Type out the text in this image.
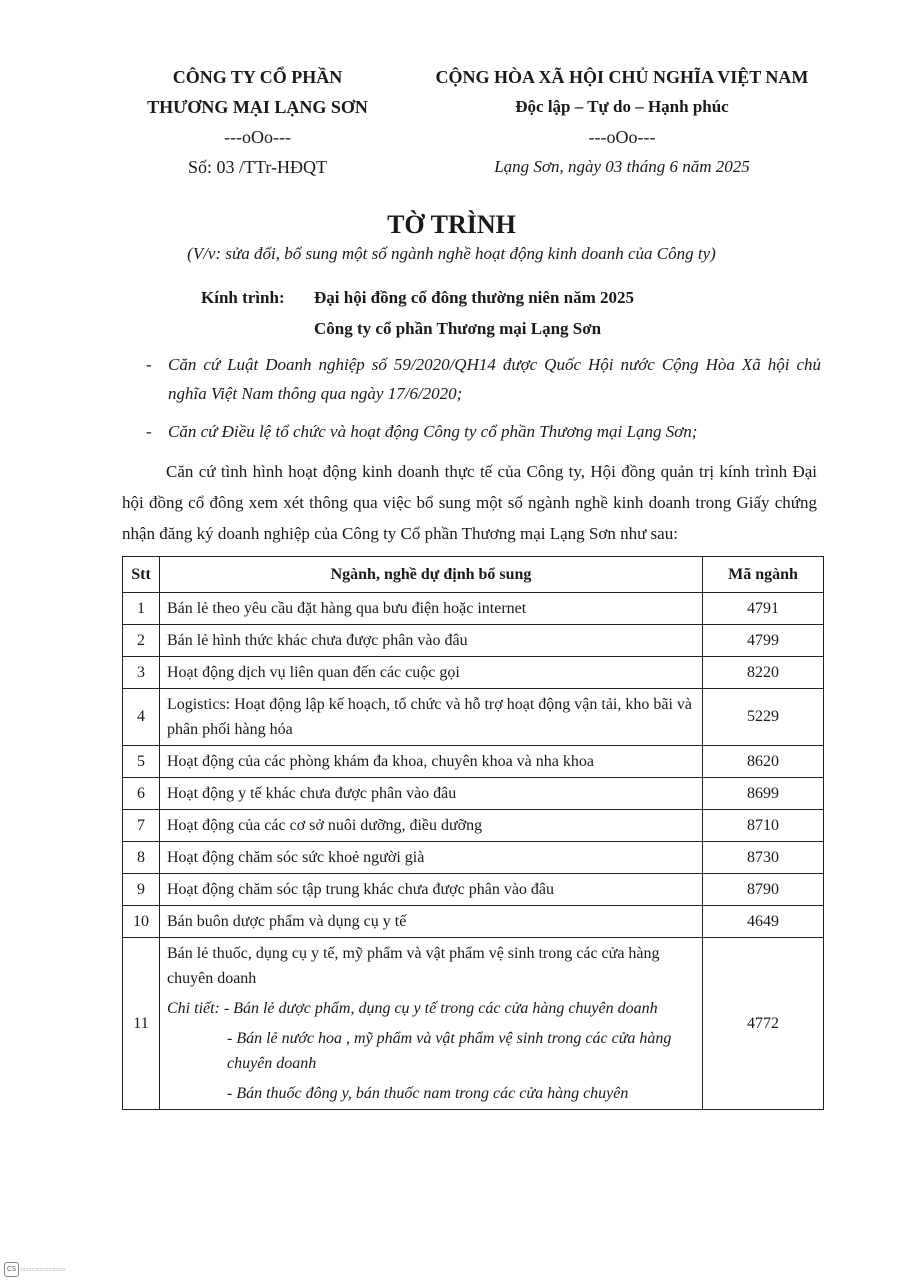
CÔNG TY CỔ PHẦN
THƯƠNG MẠI LẠNG SƠN
---oOo---
Số: 03 /TTr-HĐQT
CỘNG HÒA XÃ HỘI CHỦ NGHĨA VIỆT NAM
Độc lập – Tự do – Hạnh phúc
---oOo---
Lạng Sơn, ngày 03 tháng 6 năm 2025
TỜ TRÌNH
(V/v: sửa đổi, bổ sung một số ngành nghề hoạt động kinh doanh của Công ty)
Kính trình: Đại hội đồng cổ đông thường niên năm 2025
Công ty cổ phần Thương mại Lạng Sơn
- Căn cứ Luật Doanh nghiệp số 59/2020/QH14 được Quốc Hội nước Cộng Hòa Xã hội chủ nghĩa Việt Nam thông qua ngày 17/6/2020;
- Căn cứ Điều lệ tổ chức và hoạt động Công ty cổ phần Thương mại Lạng Sơn;
Căn cứ tình hình hoạt động kinh doanh thực tế của Công ty, Hội đồng quản trị kính trình Đại hội đồng cổ đông xem xét thông qua việc bổ sung một số ngành nghề kinh doanh trong Giấy chứng nhận đăng ký doanh nghiệp của Công ty Cổ phần Thương mại Lạng Sơn như sau:
Stt	Ngành, nghề dự định bổ sung	Mã ngành
1	Bán lẻ theo yêu cầu đặt hàng qua bưu điện hoặc internet	4791
2	Bán lẻ hình thức khác chưa được phân vào đâu	4799
3	Hoạt động dịch vụ liên quan đến các cuộc gọi	8220
4	Logistics: Hoạt động lập kế hoạch, tổ chức và hỗ trợ hoạt động vận tải, kho bãi và phân phối hàng hóa	5229
5	Hoạt động của các phòng khám đa khoa, chuyên khoa và nha khoa	8620
6	Hoạt động y tế khác chưa được phân vào đâu	8699
7	Hoạt động của các cơ sở nuôi dưỡng, điều dưỡng	8710
8	Hoạt động chăm sóc sức khoẻ người già	8730
9	Hoạt động chăm sóc tập trung khác chưa được phân vào đâu	8790
10	Bán buôn dược phẩm và dụng cụ y tế	4649
11	Bán lẻ thuốc, dụng cụ y tế, mỹ phẩm và vật phẩm vệ sinh trong các cửa hàng chuyên doanh
Chi tiết: - Bán lẻ dược phẩm, dụng cụ y tế trong các cửa hàng chuyên doanh
- Bán lẻ nước hoa , mỹ phẩm và vật phẩm vệ sinh trong các cửa hàng chuyên doanh
- Bán thuốc đông y, bán thuốc nam trong các cửa hàng chuyên	4772
CS ▭▭▭▭▭▭▭▭
